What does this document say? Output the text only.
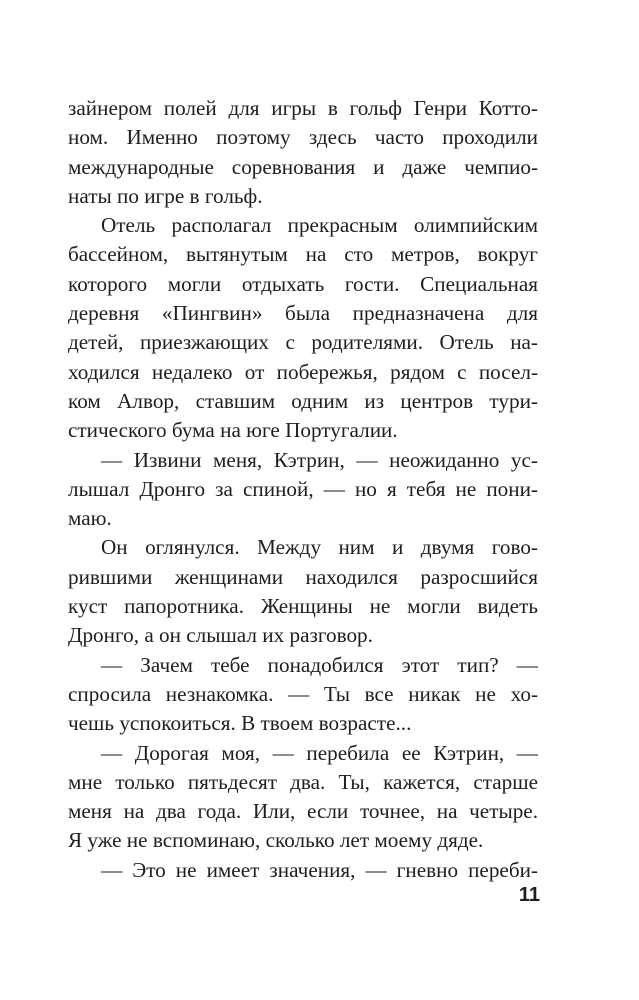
зайнером полей для игры в гольф Генри Котто-
ном. Именно поэтому здесь часто проходили
международные соревнования и даже чемпио-
наты по игре в гольф.
Отель располагал прекрасным олимпийским
бассейном, вытянутым на сто метров, вокруг
которого могли отдыхать гости. Специальная
деревня «Пингвин» была предназначена для
детей, приезжающих с родителями. Отель на-
ходился недалеко от побережья, рядом с посел-
ком Алвор, ставшим одним из центров тури-
стического бума на юге Португалии.
— Извини меня, Кэтрин, — неожиданно ус-
лышал Дронго за спиной, — но я тебя не пони-
маю.
Он оглянулся. Между ним и двумя гово-
рившими женщинами находился разросшийся
куст папоротника. Женщины не могли видеть
Дронго, а он слышал их разговор.
— Зачем тебе понадобился этот тип? —
спросила незнакомка. — Ты все никак не хо-
чешь успокоиться. В твоем возрасте...
— Дорогая моя, — перебила ее Кэтрин, —
мне только пятьдесят два. Ты, кажется, старше
меня на два года. Или, если точнее, на четыре.
Я уже не вспоминаю, сколько лет моему дяде.
— Это не имеет значения, — гневно переби-
11
